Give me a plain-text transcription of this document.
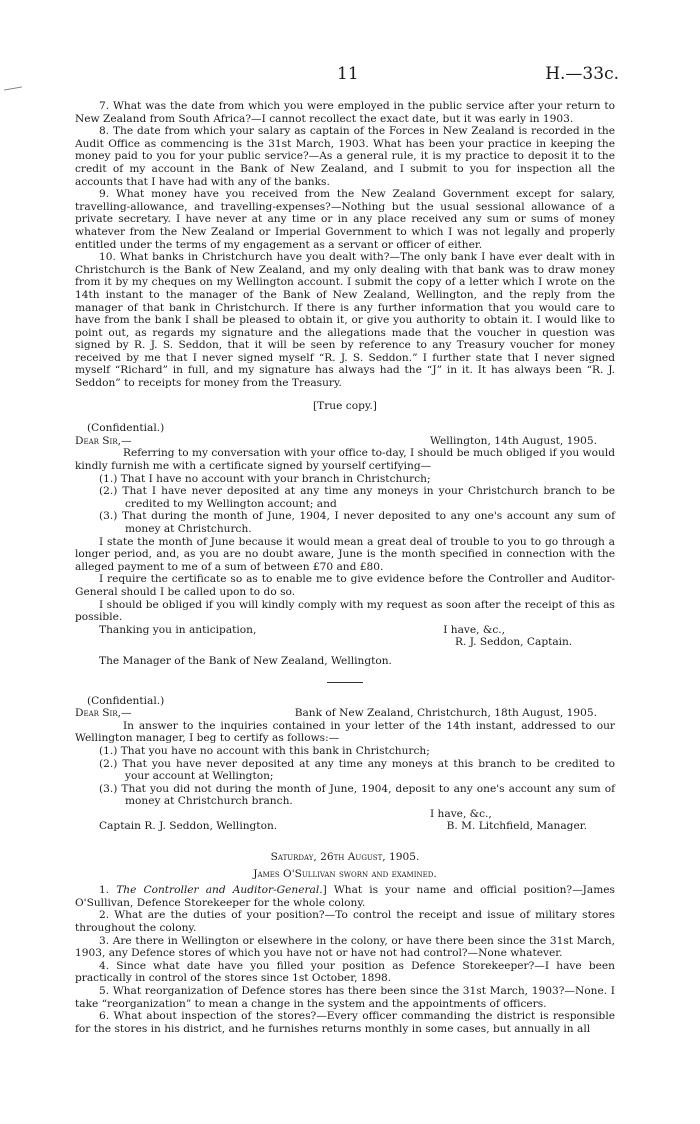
11	H.—33c.

7. What was the date from which you were employed in the public service after your return to New Zealand from South Africa?—I cannot recollect the exact date, but it was early in 1903.

8. The date from which your salary as captain of the Forces in New Zealand is recorded in the Audit Office as commencing is the 31st March, 1903. What has been your practice in keeping the money paid to you for your public service?—As a general rule, it is my practice to deposit it to the credit of my account in the Bank of New Zealand, and I submit to you for inspection all the accounts that I have had with any of the banks.

9. What money have you received from the New Zealand Government except for salary, travelling-allowance, and travelling-expenses?—Nothing but the usual sessional allowance of a private secretary. I have never at any time or in any place received any sum or sums of money whatever from the New Zealand or Imperial Government to which I was not legally and properly entitled under the terms of my engagement as a servant or officer of either.

10. What banks in Christchurch have you dealt with?—The only bank I have ever dealt with in Christchurch is the Bank of New Zealand, and my only dealing with that bank was to draw money from it by my cheques on my Wellington account. I submit the copy of a letter which I wrote on the 14th instant to the manager of the Bank of New Zealand, Wellington, and the reply from the manager of that bank in Christchurch. If there is any further information that you would care to have from the bank I shall be pleased to obtain it, or give you authority to obtain it. I would like to point out, as regards my signature and the allegations made that the voucher in question was signed by R. J. S. Seddon, that it will be seen by reference to any Treasury voucher for money received by me that I never signed myself “R. J. S. Seddon.” I further state that I never signed myself “Richard” in full, and my signature has always had the “J” in it. It has always been “R. J. Seddon” to receipts for money from the Treasury.

[True copy.]

(Confidential.)

Dear Sir,—	Wellington, 14th August, 1905.

Referring to my conversation with your office to-day, I should be much obliged if you would kindly furnish me with a certificate signed by yourself certifying—

(1.) That I have no account with your branch in Christchurch;

(2.) That I have never deposited at any time any moneys in your Christchurch branch to be credited to my Wellington account; and

(3.) That during the month of June, 1904, I never deposited to any one's account any sum of money at Christchurch.

I state the month of June because it would mean a great deal of trouble to you to go through a longer period, and, as you are no doubt aware, June is the month specified in connection with the alleged payment to me of a sum of between £70 and £80.

I require the certificate so as to enable me to give evidence before the Controller and Auditor-General should I be called upon to do so.

I should be obliged if you will kindly comply with my request as soon after the receipt of this as possible.

Thanking you in anticipation,	I have, &c.,

R. J. Seddon, Captain.

The Manager of the Bank of New Zealand, Wellington.

(Confidential.)

Dear Sir,—	Bank of New Zealand, Christchurch, 18th August, 1905.

In answer to the inquiries contained in your letter of the 14th instant, addressed to our Wellington manager, I beg to certify as follows:—

(1.) That you have no account with this bank in Christchurch;

(2.) That you have never deposited at any time any moneys at this branch to be credited to your account at Wellington;

(3.) That you did not during the month of June, 1904, deposit to any one's account any sum of money at Christchurch branch.

I have, &c.,

Captain R. J. Seddon, Wellington.	B. M. Litchfield, Manager.

Saturday, 26th August, 1905.

James O'Sullivan sworn and examined.

1. The Controller and Auditor-General.] What is your name and official position?—James O'Sullivan, Defence Storekeeper for the whole colony.

2. What are the duties of your position?—To control the receipt and issue of military stores throughout the colony.

3. Are there in Wellington or elsewhere in the colony, or have there been since the 31st March, 1903, any Defence stores of which you have not or have not had control?—None whatever.

4. Since what date have you filled your position as Defence Storekeeper?—I have been practically in control of the stores since 1st October, 1898.

5. What reorganization of Defence stores has there been since the 31st March, 1903?—None. I take “reorganization” to mean a change in the system and the appointments of officers.

6. What about inspection of the stores?—Every officer commanding the district is responsible for the stores in his district, and he furnishes returns monthly in some cases, but annually in all
